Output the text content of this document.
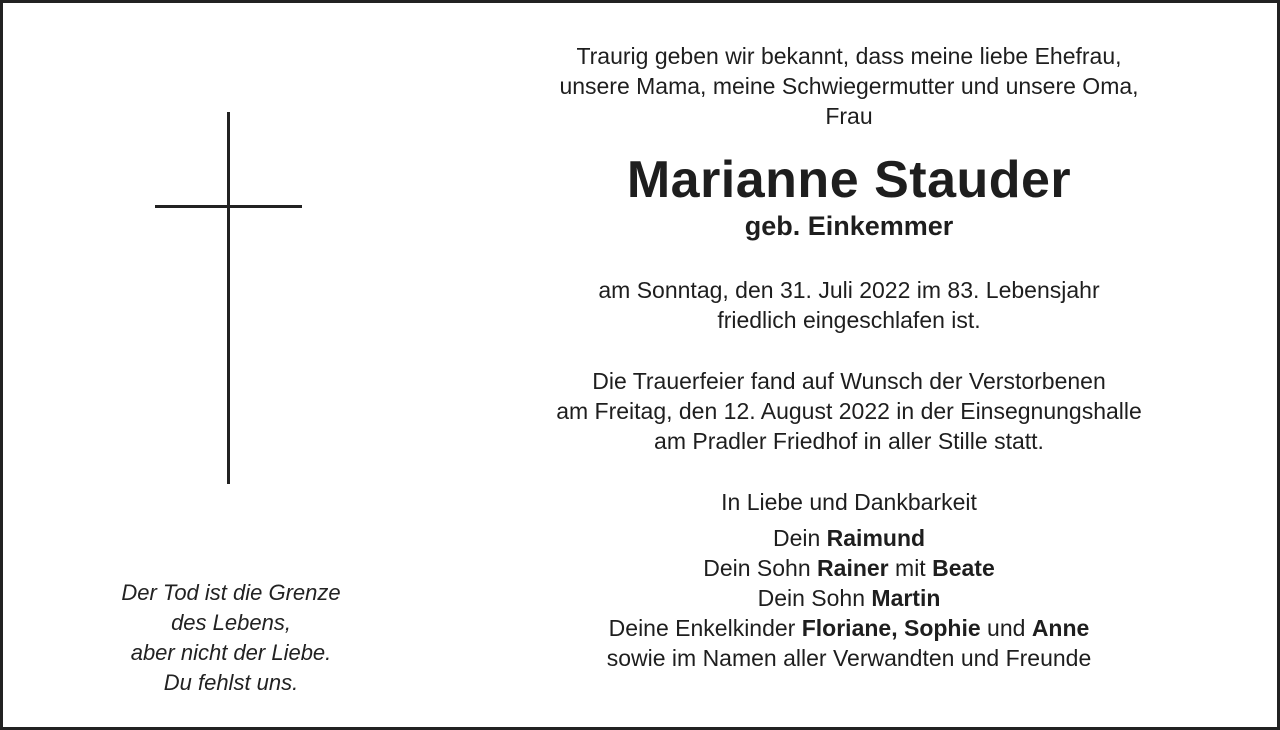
Der Tod ist die Grenze
des Lebens,
aber nicht der Liebe.
Du fehlst uns.
Traurig geben wir bekannt, dass meine liebe Ehefrau,
unsere Mama, meine Schwiegermutter und unsere Oma,
Frau
Marianne Stauder
geb. Einkemmer
am Sonntag, den 31. Juli 2022 im 83. Lebensjahr
friedlich eingeschlafen ist.
Die Trauerfeier fand auf Wunsch der Verstorbenen
am Freitag, den 12. August 2022 in der Einsegnungshalle
am Pradler Friedhof in aller Stille statt.
In Liebe und Dankbarkeit
Dein Raimund
Dein Sohn Rainer mit Beate
Dein Sohn Martin
Deine Enkelkinder Floriane, Sophie und Anne
sowie im Namen aller Verwandten und Freunde
